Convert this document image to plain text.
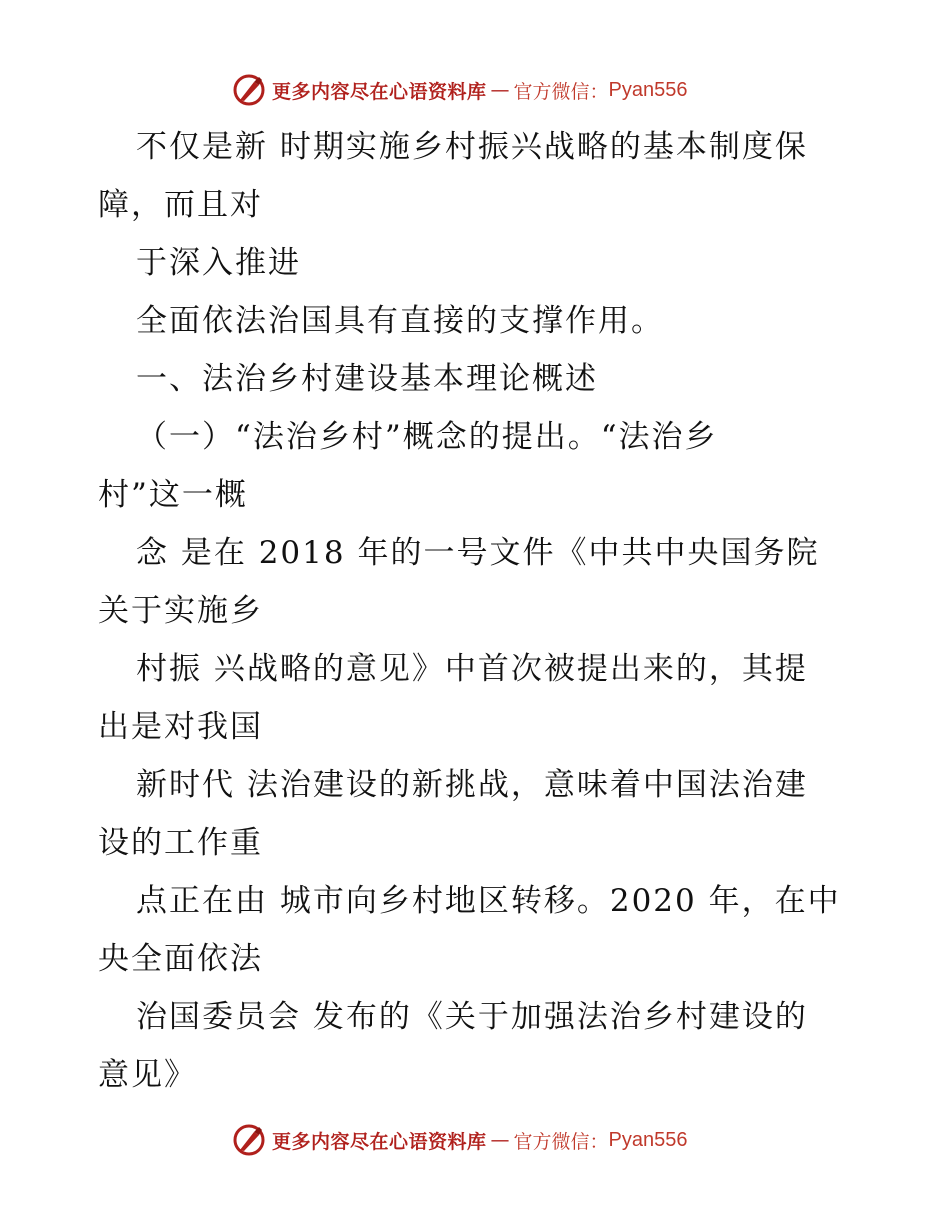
更多内容尽在心语资料库 — 官方微信： Pyan556
不仅是新 时期实施乡村振兴战略的基本制度保
障，而且对
于深入推进
全面依法治国具有直接的支撑作用。
一、法治乡村建设基本理论概述
（一）“法治乡村”概念的提出。“法治乡
村”这一概
念 是在 2018 年的一号文件《中共中央国务院
关于实施乡
村振 兴战略的意见》中首次被提出来的，其提
出是对我国
新时代 法治建设的新挑战，意味着中国法治建
设的工作重
点正在由 城市向乡村地区转移。2020 年，在中
央全面依法
治国委员会 发布的《关于加强法治乡村建设的
意见》
更多内容尽在心语资料库 — 官方微信： Pyan556
